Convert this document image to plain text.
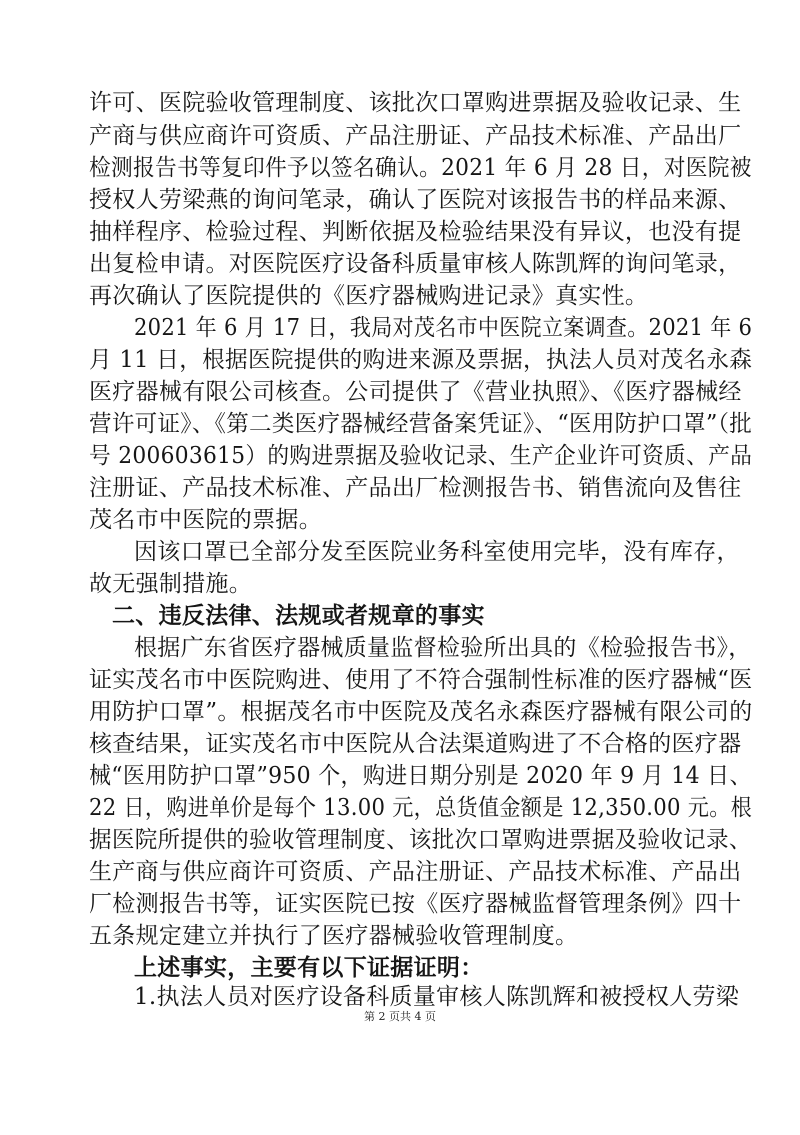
许可、医院验收管理制度、该批次口罩购进票据及验收记录、生
产商与供应商许可资质、产品注册证、产品技术标准、产品出厂
检测报告书等复印件予以签名确认。2021 年 6 月 28 日，对医院被
授权人劳梁燕的询问笔录，确认了医院对该报告书的样品来源、
抽样程序、检验过程、判断依据及检验结果没有异议，也没有提
出复检申请。对医院医疗设备科质量审核人陈凯辉的询问笔录，
再次确认了医院提供的《医疗器械购进记录》真实性。
2021 年 6 月 17 日，我局对茂名市中医院立案调查。2021 年 6
月 11 日，根据医院提供的购进来源及票据，执法人员对茂名永森
医疗器械有限公司核查。公司提供了《营业执照》、《医疗器械经
营许可证》、《第二类医疗器械经营备案凭证》、“医用防护口罩”（批
号 200603615）的购进票据及验收记录、生产企业许可资质、产品
注册证、产品技术标准、产品出厂检测报告书、销售流向及售往
茂名市中医院的票据。
因该口罩已全部分发至医院业务科室使用完毕，没有库存，
故无强制措施。
二、违反法律、法规或者规章的事实
根据广东省医疗器械质量监督检验所出具的《检验报告书》，
证实茂名市中医院购进、使用了不符合强制性标准的医疗器械“医
用防护口罩”。根据茂名市中医院及茂名永森医疗器械有限公司的
核查结果，证实茂名市中医院从合法渠道购进了不合格的医疗器
械“医用防护口罩”950 个，购进日期分别是 2020 年 9 月 14 日、
22 日，购进单价是每个 13.00 元，总货值金额是 12,350.00 元。根
据医院所提供的验收管理制度、该批次口罩购进票据及验收记录、
生产商与供应商许可资质、产品注册证、产品技术标准、产品出
厂检测报告书等，证实医院已按《医疗器械监督管理条例》四十
五条规定建立并执行了医疗器械验收管理制度。
上述事实，主要有以下证据证明：
1.执法人员对医疗设备科质量审核人陈凯辉和被授权人劳梁
第 2 页共 4 页
